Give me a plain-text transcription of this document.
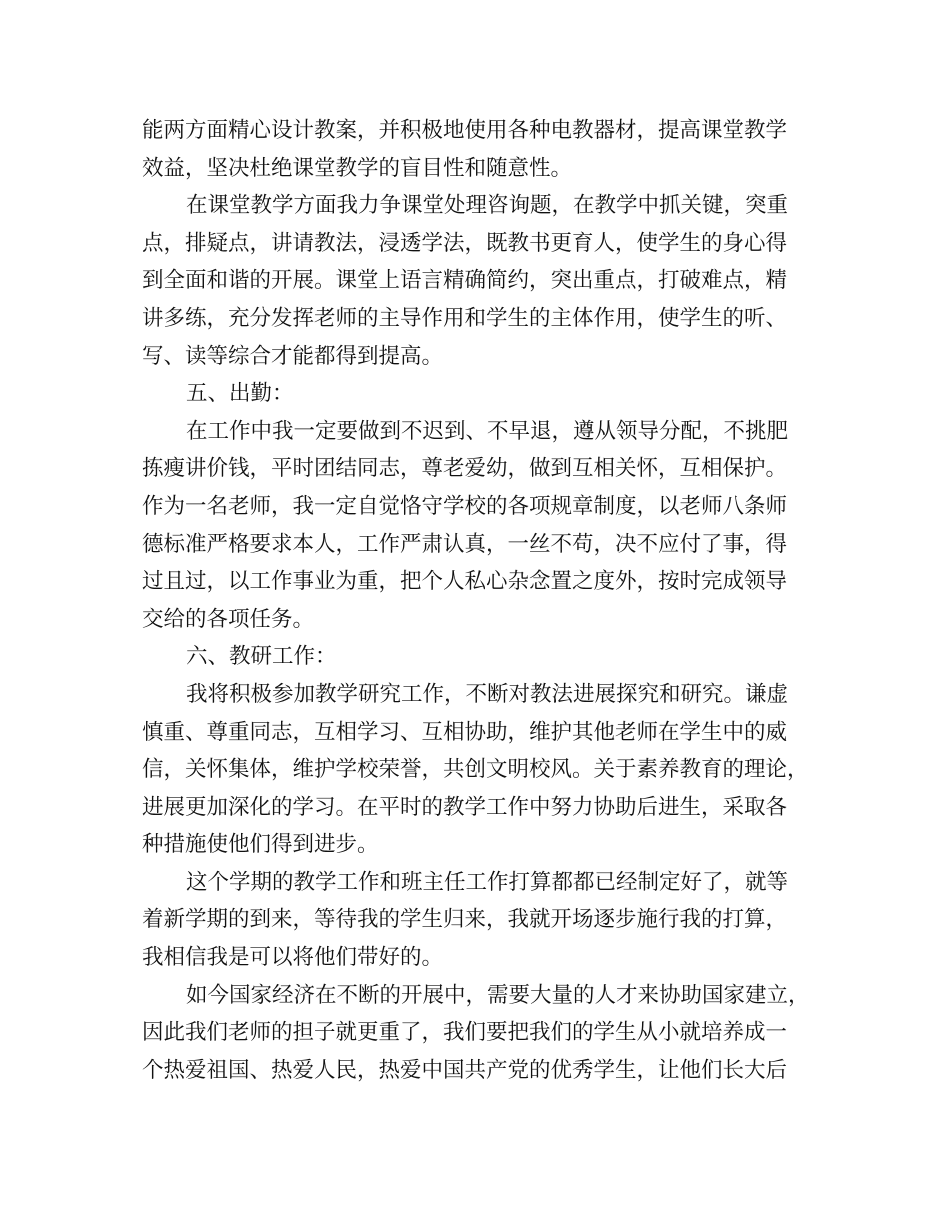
能两方面精心设计教案，并积极地使用各种电教器材，提高课堂教学
效益，坚决杜绝课堂教学的盲目性和随意性。
在课堂教学方面我力争课堂处理咨询题，在教学中抓关键，突重
点，排疑点，讲请教法，浸透学法，既教书更育人，使学生的身心得
到全面和谐的开展。课堂上语言精确简约，突出重点，打破难点，精
讲多练，充分发挥老师的主导作用和学生的主体作用，使学生的听、
写、读等综合才能都得到提高。
五、出勤：
在工作中我一定要做到不迟到、不早退，遵从领导分配，不挑肥
拣瘦讲价钱，平时团结同志，尊老爱幼，做到互相关怀，互相保护。
作为一名老师，我一定自觉恪守学校的各项规章制度，以老师八条师
德标准严格要求本人，工作严肃认真，一丝不苟，决不应付了事，得
过且过，以工作事业为重，把个人私心杂念置之度外，按时完成领导
交给的各项任务。
六、教研工作：
我将积极参加教学研究工作，不断对教法进展探究和研究。谦虚
慎重、尊重同志，互相学习、互相协助，维护其他老师在学生中的威
信，关怀集体，维护学校荣誉，共创文明校风。关于素养教育的理论，
进展更加深化的学习。在平时的教学工作中努力协助后进生，采取各
种措施使他们得到进步。
这个学期的教学工作和班主任工作打算都都已经制定好了，就等
着新学期的到来，等待我的学生归来，我就开场逐步施行我的打算，
我相信我是可以将他们带好的。
如今国家经济在不断的开展中，需要大量的人才来协助国家建立，
因此我们老师的担子就更重了，我们要把我们的学生从小就培养成一
个热爱祖国、热爱人民，热爱中国共产党的优秀学生，让他们长大后
